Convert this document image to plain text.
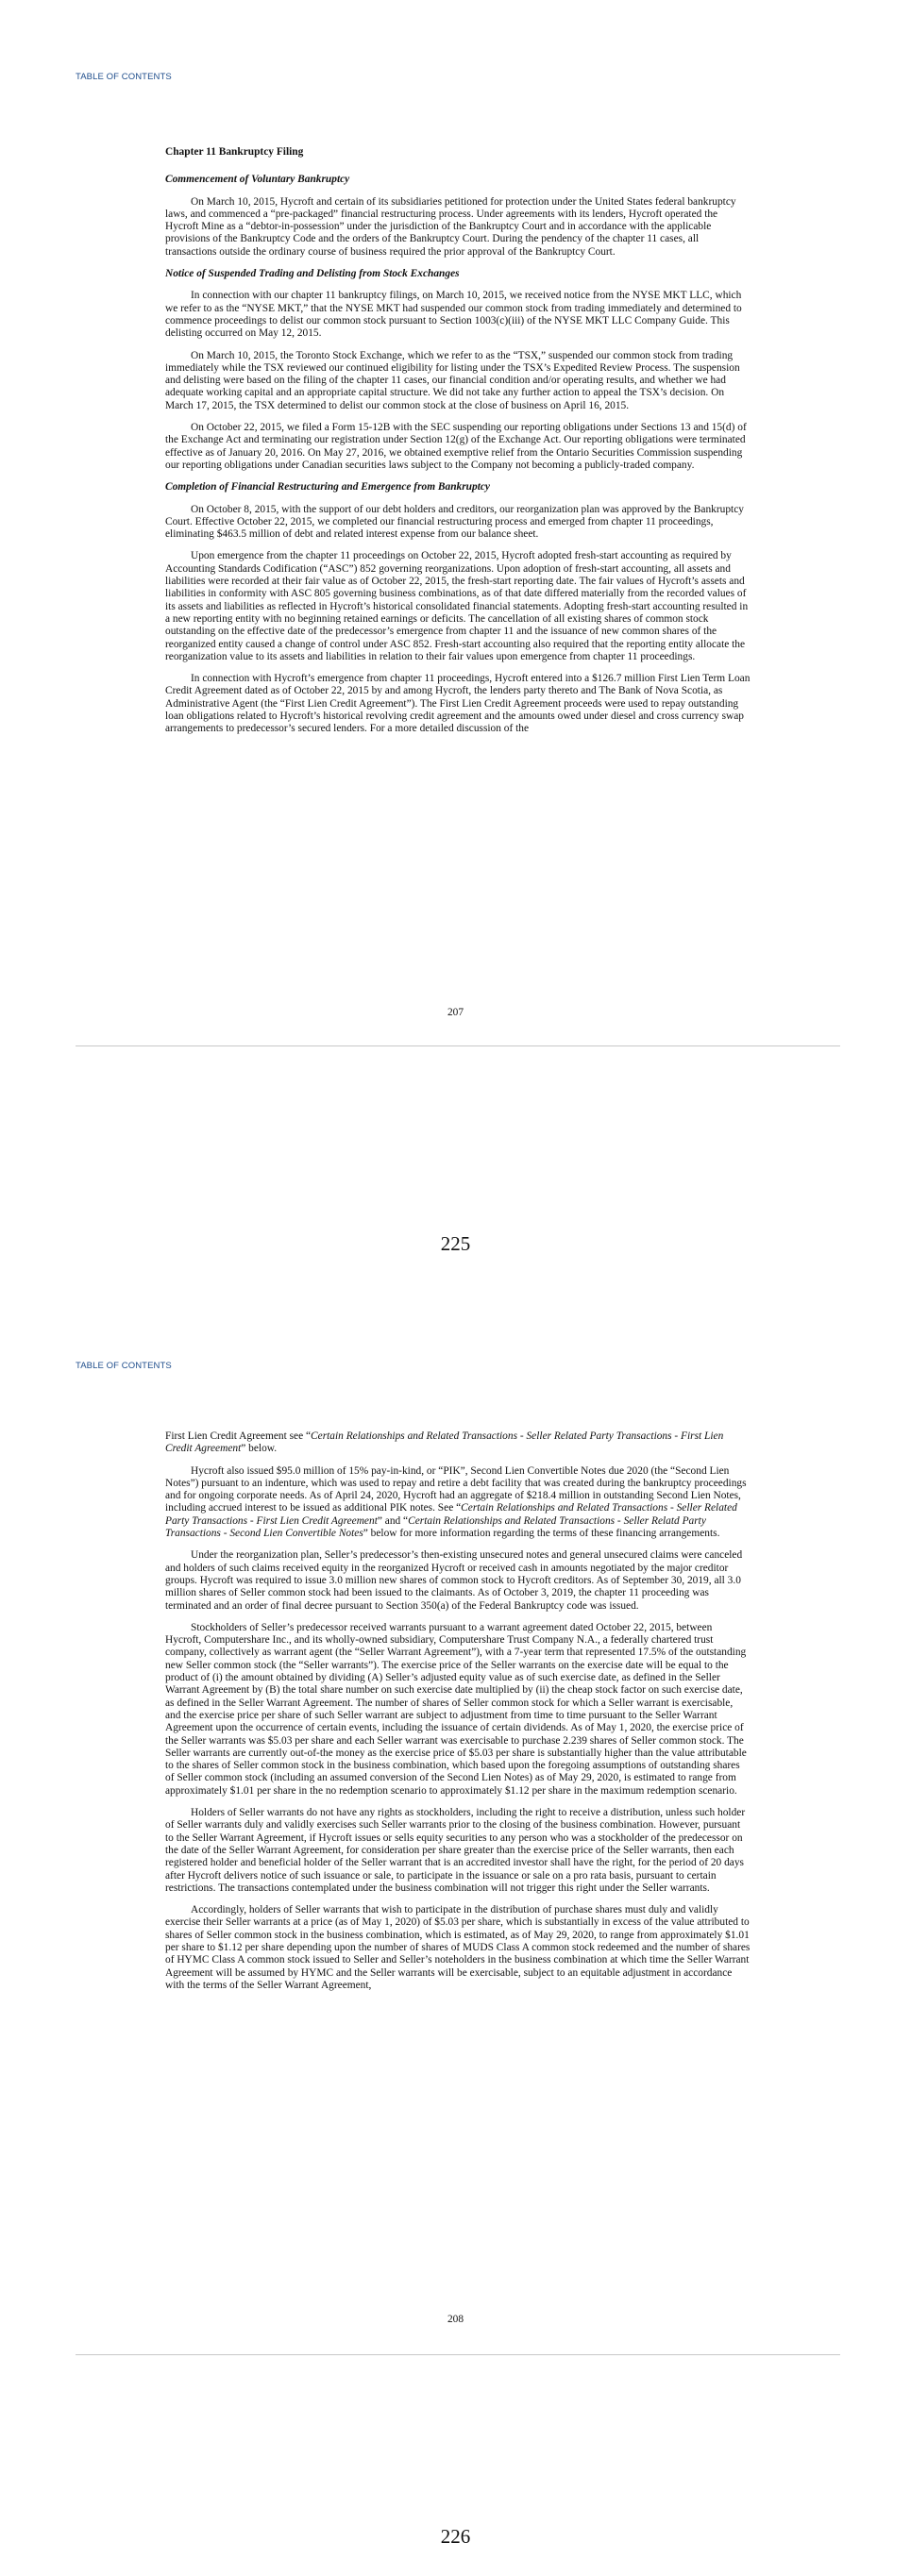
TABLE OF CONTENTS
Chapter 11 Bankruptcy Filing
Commencement of Voluntary Bankruptcy

On March 10, 2015, Hycroft and certain of its subsidiaries petitioned for protection under the United States federal bankruptcy laws, and commenced a “pre-packaged” financial restructuring process. Under agreements with its lenders, Hycroft operated the Hycroft Mine as a “debtor-in-possession” under the jurisdiction of the Bankruptcy Court and in accordance with the applicable provisions of the Bankruptcy Code and the orders of the Bankruptcy Court. During the pendency of the chapter 11 cases, all transactions outside the ordinary course of business required the prior approval of the Bankruptcy Court.

Notice of Suspended Trading and Delisting from Stock Exchanges

In connection with our chapter 11 bankruptcy filings, on March 10, 2015, we received notice from the NYSE MKT LLC, which we refer to as the “NYSE MKT,” that the NYSE MKT had suspended our common stock from trading immediately and determined to commence proceedings to delist our common stock pursuant to Section 1003(c)(iii) of the NYSE MKT LLC Company Guide. This delisting occurred on May 12, 2015.

On March 10, 2015, the Toronto Stock Exchange, which we refer to as the “TSX,” suspended our common stock from trading immediately while the TSX reviewed our continued eligibility for listing under the TSX’s Expedited Review Process. The suspension and delisting were based on the filing of the chapter 11 cases, our financial condition and/or operating results, and whether we had adequate working capital and an appropriate capital structure. We did not take any further action to appeal the TSX’s decision. On March 17, 2015, the TSX determined to delist our common stock at the close of business on April 16, 2015.

On October 22, 2015, we filed a Form 15-12B with the SEC suspending our reporting obligations under Sections 13 and 15(d) of the Exchange Act and terminating our registration under Section 12(g) of the Exchange Act. Our reporting obligations were terminated effective as of January 20, 2016. On May 27, 2016, we obtained exemptive relief from the Ontario Securities Commission suspending our reporting obligations under Canadian securities laws subject to the Company not becoming a publicly-traded company.

Completion of Financial Restructuring and Emergence from Bankruptcy

On October 8, 2015, with the support of our debt holders and creditors, our reorganization plan was approved by the Bankruptcy Court. Effective October 22, 2015, we completed our financial restructuring process and emerged from chapter 11 proceedings, eliminating $463.5 million of debt and related interest expense from our balance sheet.

Upon emergence from the chapter 11 proceedings on October 22, 2015, Hycroft adopted fresh-start accounting as required by Accounting Standards Codification (“ASC”) 852 governing reorganizations. Upon adoption of fresh-start accounting, all assets and liabilities were recorded at their fair value as of October 22, 2015, the fresh-start reporting date. The fair values of Hycroft’s assets and liabilities in conformity with ASC 805 governing business combinations, as of that date differed materially from the recorded values of its assets and liabilities as reflected in Hycroft’s historical consolidated financial statements. Adopting fresh-start accounting resulted in a new reporting entity with no beginning retained earnings or deficits. The cancellation of all existing shares of common stock outstanding on the effective date of the predecessor’s emergence from chapter 11 and the issuance of new common shares of the reorganized entity caused a change of control under ASC 852. Fresh-start accounting also required that the reporting entity allocate the reorganization value to its assets and liabilities in relation to their fair values upon emergence from chapter 11 proceedings.

In connection with Hycroft’s emergence from chapter 11 proceedings, Hycroft entered into a $126.7 million First Lien Term Loan Credit Agreement dated as of October 22, 2015 by and among Hycroft, the lenders party thereto and The Bank of Nova Scotia, as Administrative Agent (the “First Lien Credit Agreement”). The First Lien Credit Agreement proceeds were used to repay outstanding loan obligations related to Hycroft’s historical revolving credit agreement and the amounts owed under diesel and cross currency swap arrangements to predecessor’s secured lenders. For a more detailed discussion of the

207
225
TABLE OF CONTENTS

First Lien Credit Agreement see “Certain Relationships and Related Transactions - Seller Related Party Transactions - First Lien Credit Agreement” below.

Hycroft also issued $95.0 million of 15% pay-in-kind, or “PIK”, Second Lien Convertible Notes due 2020 (the “Second Lien Notes”) pursuant to an indenture, which was used to repay and retire a debt facility that was created during the bankruptcy proceedings and for ongoing corporate needs. As of April 24, 2020, Hycroft had an aggregate of $218.4 million in outstanding Second Lien Notes, including accrued interest to be issued as additional PIK notes. See “Certain Relationships and Related Transactions - Seller Related Party Transactions - First Lien Credit Agreement” and “Certain Relationships and Related Transactions - Seller Relatd Party Transactions - Second Lien Convertible Notes” below for more information regarding the terms of these financing arrangements.

Under the reorganization plan, Seller’s predecessor’s then-existing unsecured notes and general unsecured claims were canceled and holders of such claims received equity in the reorganized Hycroft or received cash in amounts negotiated by the major creditor groups. Hycroft was required to issue 3.0 million new shares of common stock to Hycroft creditors. As of September 30, 2019, all 3.0 million shares of Seller common stock had been issued to the claimants. As of October 3, 2019, the chapter 11 proceeding was terminated and an order of final decree pursuant to Section 350(a) of the Federal Bankruptcy code was issued.

Stockholders of Seller’s predecessor received warrants pursuant to a warrant agreement dated October 22, 2015, between Hycroft, Computershare Inc., and its wholly-owned subsidiary, Computershare Trust Company N.A., a federally chartered trust company, collectively as warrant agent (the “Seller Warrant Agreement”), with a 7-year term that represented 17.5% of the outstanding new Seller common stock (the “Seller warrants”). The exercise price of the Seller warrants on the exercise date will be equal to the product of (i) the amount obtained by dividing (A) Seller’s adjusted equity value as of such exercise date, as defined in the Seller Warrant Agreement by (B) the total share number on such exercise date multiplied by (ii) the cheap stock factor on such exercise date, as defined in the Seller Warrant Agreement. The number of shares of Seller common stock for which a Seller warrant is exercisable, and the exercise price per share of such Seller warrant are subject to adjustment from time to time pursuant to the Seller Warrant Agreement upon the occurrence of certain events, including the issuance of certain dividends. As of May 1, 2020, the exercise price of the Seller warrants was $5.03 per share and each Seller warrant was exercisable to purchase 2.239 shares of Seller common stock. The Seller warrants are currently out-of-the money as the exercise price of $5.03 per share is substantially higher than the value attributable to the shares of Seller common stock in the business combination, which based upon the foregoing assumptions of outstanding shares of Seller common stock (including an assumed conversion of the Second Lien Notes) as of May 29, 2020, is estimated to range from approximately $1.01 per share in the no redemption scenario to approximately $1.12 per share in the maximum redemption scenario.

Holders of Seller warrants do not have any rights as stockholders, including the right to receive a distribution, unless such holder of Seller warrants duly and validly exercises such Seller warrants prior to the closing of the business combination. However, pursuant to the Seller Warrant Agreement, if Hycroft issues or sells equity securities to any person who was a stockholder of the predecessor on the date of the Seller Warrant Agreement, for consideration per share greater than the exercise price of the Seller warrants, then each registered holder and beneficial holder of the Seller warrant that is an accredited investor shall have the right, for the period of 20 days after Hycroft delivers notice of such issuance or sale, to participate in the issuance or sale on a pro rata basis, pursuant to certain restrictions. The transactions contemplated under the business combination will not trigger this right under the Seller warrants.

Accordingly, holders of Seller warrants that wish to participate in the distribution of purchase shares must duly and validly exercise their Seller warrants at a price (as of May 1, 2020) of $5.03 per share, which is substantially in excess of the value attributed to shares of Seller common stock in the business combination, which is estimated, as of May 29, 2020, to range from approximately $1.01 per share to $1.12 per share depending upon the number of shares of MUDS Class A common stock redeemed and the number of shares of HYMC Class A common stock issued to Seller and Seller’s noteholders in the business combination at which time the Seller Warrant Agreement will be assumed by HYMC and the Seller warrants will be exercisable, subject to an equitable adjustment in accordance with the terms of the Seller Warrant Agreement,

208
226
